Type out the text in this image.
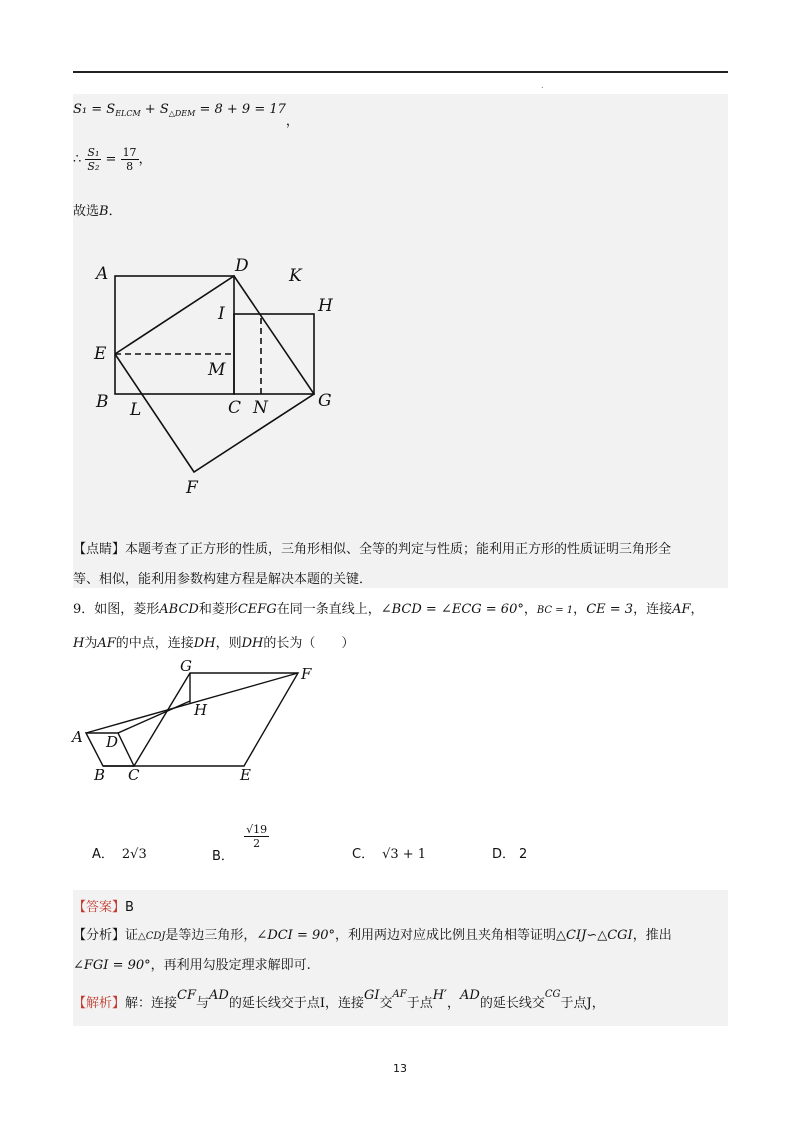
.
$S_1 = S_{ELCM} + S_{\triangle DEM} = 8 + 9 = 17$，
∴ $\frac{\text{S₁}}{\text{S₂}} = \frac{17}{8}$ ，
故选B．
A	D K
H
I
E
M
B L	C N	G
F
【点睛】本题考查了正方形的性质，三角形相似、全等的判定与性质；能利用正方形的性质证明三角形全
等、相似，能利用参数构建方程是解决本题的关键．
9．如图，菱形ABCD和菱形CEFG在同一条直线上，∠BCD = ∠ECG = 60°，BC = 1，CE = 3，连接AF，
H为AF的中点，连接DH，则DH的长为（　　）
G	F
H
A D
B C	E
A． 2√3	B．
$\frac{√19}{2}$
C． √3 + 1	D． 2
【答案】B
【分析】证△CDJ是等边三角形，∠DCI = 90°，利用两边对应成比例且夹角相等证明△CIJ∽△CGI，推出
∠FGI = 90°，再利用勾股定理求解即可.
【解析】解：连接CF与AD的延长线交于点I，连接GI交$^{AF}$于点H′，AD的延长线交$^{CG}$于点J，
13
